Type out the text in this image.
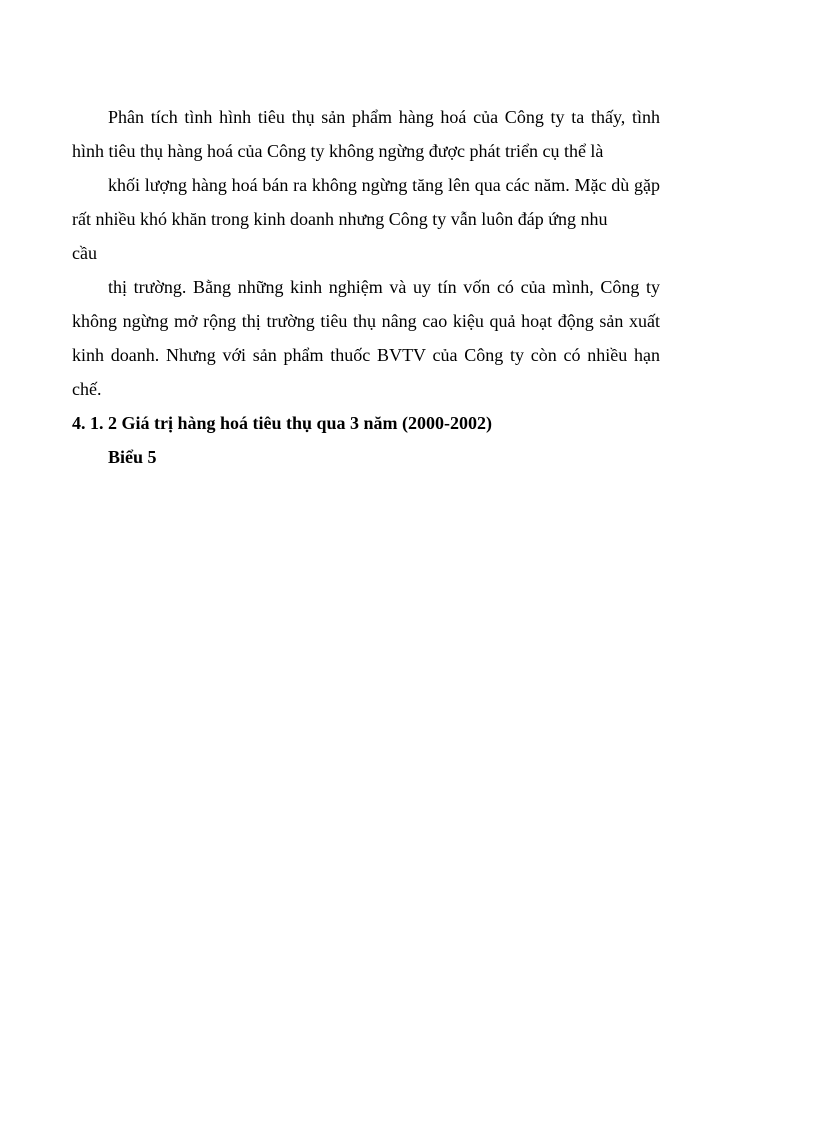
Phân tích tình hình tiêu thụ sản phẩm hàng hoá của Công ty ta thấy, tình hình tiêu thụ hàng hoá của Công ty không ngừng được phát triển cụ thể là

khối lượng hàng hoá bán ra không ngừng tăng lên qua các năm. Mặc dù gặp rất nhiều khó khăn trong kinh doanh nhưng Công ty vẫn luôn đáp ứng nhu

cầu

thị trường. Bằng những kinh nghiệm và uy tín vốn có của mình, Công ty không ngừng mở rộng thị trường tiêu thụ nâng cao kiệu quả hoạt động sản xuất kinh doanh. Nhưng với sản phẩm thuốc BVTV của Công ty còn có nhiều hạn chế.

4. 1. 2 Giá trị hàng hoá tiêu thụ qua 3 năm (2000-2002)

Biểu 5
